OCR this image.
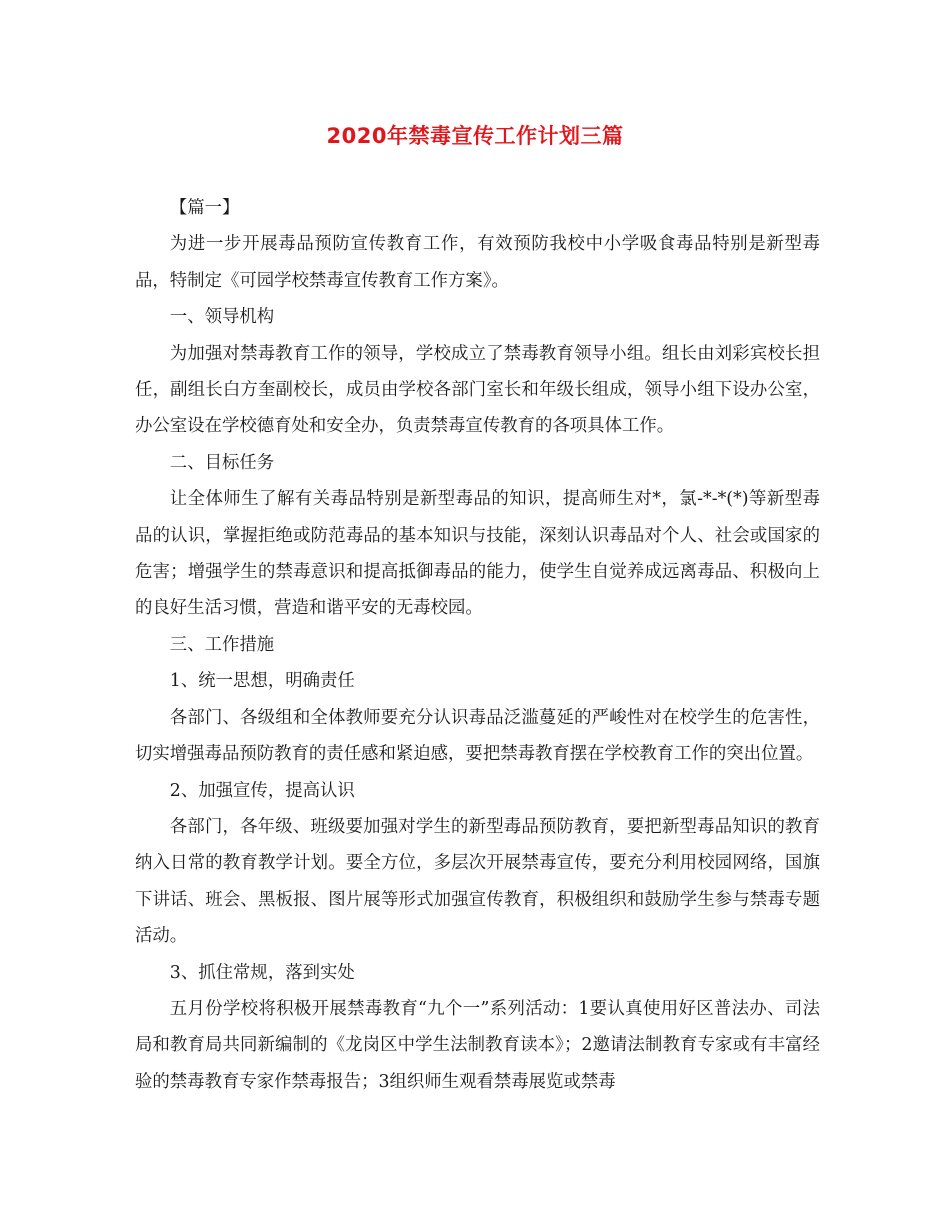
2020年禁毒宣传工作计划三篇

【篇一】

为进一步开展毒品预防宣传教育工作，有效预防我校中小学吸食毒品特别是新型毒品，特制定《可园学校禁毒宣传教育工作方案》。

一、领导机构

为加强对禁毒教育工作的领导，学校成立了禁毒教育领导小组。组长由刘彩宾校长担任，副组长白方奎副校长，成员由学校各部门室长和年级长组成，领导小组下设办公室，办公室设在学校德育处和安全办，负责禁毒宣传教育的各项具体工作。

二、目标任务

让全体师生了解有关毒品特别是新型毒品的知识，提高师生对*，氯-*-*(*)等新型毒品的认识，掌握拒绝或防范毒品的基本知识与技能，深刻认识毒品对个人、社会或国家的危害；增强学生的禁毒意识和提高抵御毒品的能力，使学生自觉养成远离毒品、积极向上的良好生活习惯，营造和谐平安的无毒校园。

三、工作措施

1、统一思想，明确责任

各部门、各级组和全体教师要充分认识毒品泛滥蔓延的严峻性对在校学生的危害性，切实增强毒品预防教育的责任感和紧迫感，要把禁毒教育摆在学校教育工作的突出位置。

2、加强宣传，提高认识

各部门，各年级、班级要加强对学生的新型毒品预防教育，要把新型毒品知识的教育纳入日常的教育教学计划。要全方位，多层次开展禁毒宣传，要充分利用校园网络，国旗下讲话、班会、黑板报、图片展等形式加强宣传教育，积极组织和鼓励学生参与禁毒专题活动。

3、抓住常规，落到实处

五月份学校将积极开展禁毒教育“九个一”系列活动：1要认真使用好区普法办、司法局和教育局共同新编制的《龙岗区中学生法制教育读本》；2邀请法制教育专家或有丰富经验的禁毒教育专家作禁毒报告；3组织师生观看禁毒展览或禁毒
